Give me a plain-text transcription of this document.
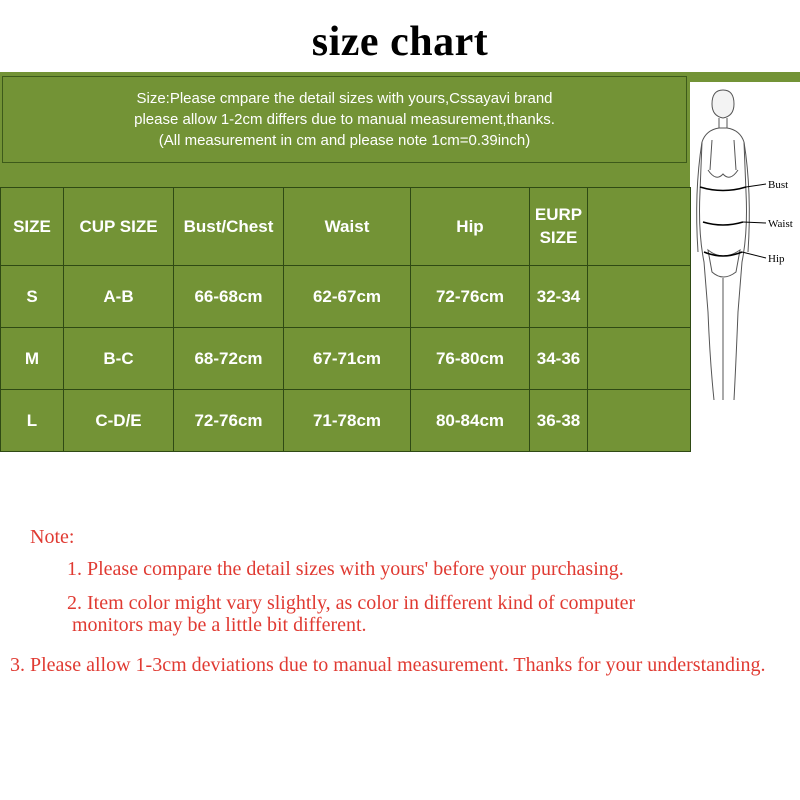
size chart
Size:Please cmpare the detail sizes with yours,Cssayavi brand
please allow 1-2cm differs due to manual measurement,thanks.
(All measurement in cm and please note 1cm=0.39inch)
Bust
Waist
Hip
SIZE	CUP SIZE	Bust/Chest	Waist	Hip	EURP
SIZE	

S	A-B	66-68cm	62-67cm	72-76cm	32-34	
M	B-C	68-72cm	67-71cm	76-80cm	34-36	
L	C-D/E	72-76cm	71-78cm	80-84cm	36-38	
Note:
1. Please compare the detail sizes with yours' before your purchasing.
2. Item color might vary slightly, as color in different kind of computer
monitors may be a little bit different.
3. Please allow 1-3cm deviations due to manual measurement. Thanks for your understanding.
